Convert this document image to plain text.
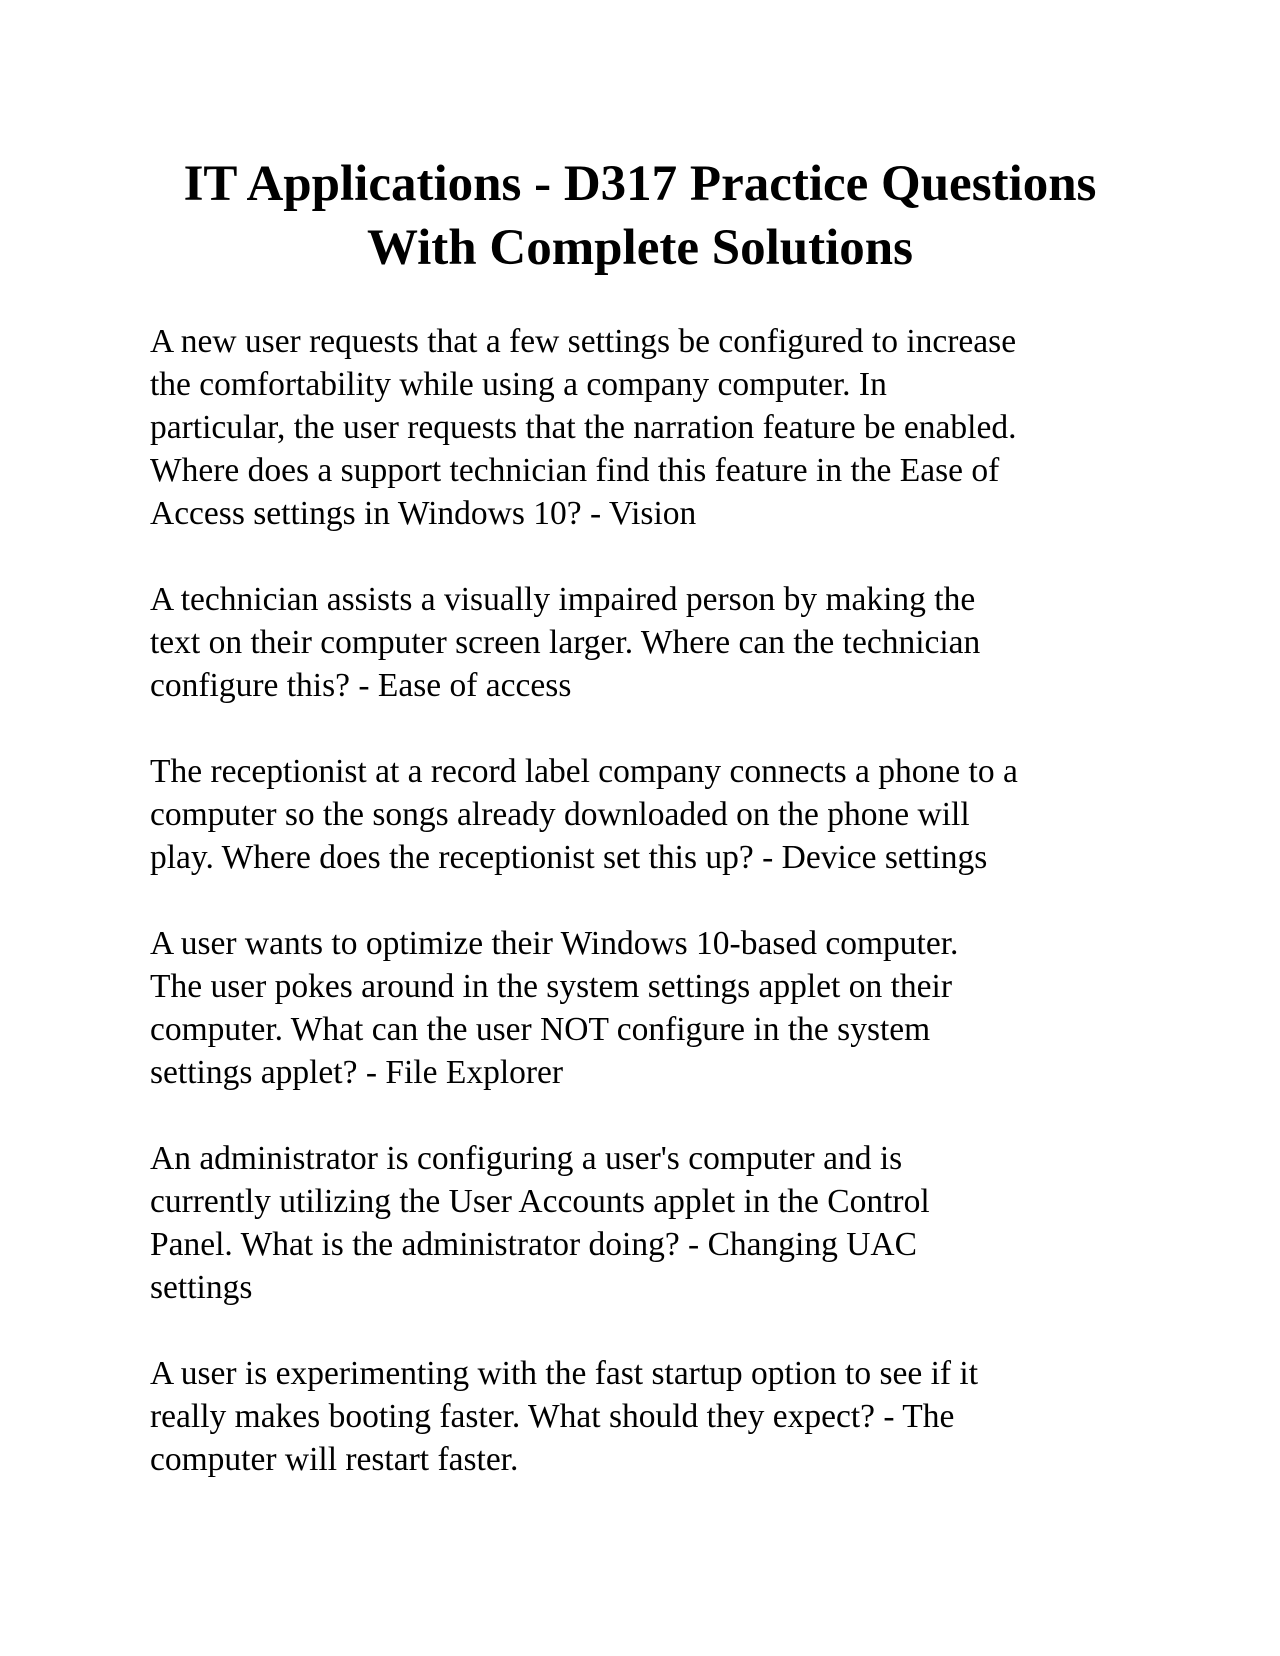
IT Applications - D317 Practice Questions
With Complete Solutions

A new user requests that a few settings be configured to increase
the comfortability while using a company computer. In
particular, the user requests that the narration feature be enabled.
Where does a support technician find this feature in the Ease of
Access settings in Windows 10? - Vision

A technician assists a visually impaired person by making the
text on their computer screen larger. Where can the technician
configure this? - Ease of access

The receptionist at a record label company connects a phone to a
computer so the songs already downloaded on the phone will
play. Where does the receptionist set this up? - Device settings

A user wants to optimize their Windows 10-based computer.
The user pokes around in the system settings applet on their
computer. What can the user NOT configure in the system
settings applet? - File Explorer

An administrator is configuring a user's computer and is
currently utilizing the User Accounts applet in the Control
Panel. What is the administrator doing? - Changing UAC
settings

A user is experimenting with the fast startup option to see if it
really makes booting faster. What should they expect? - The
computer will restart faster.
